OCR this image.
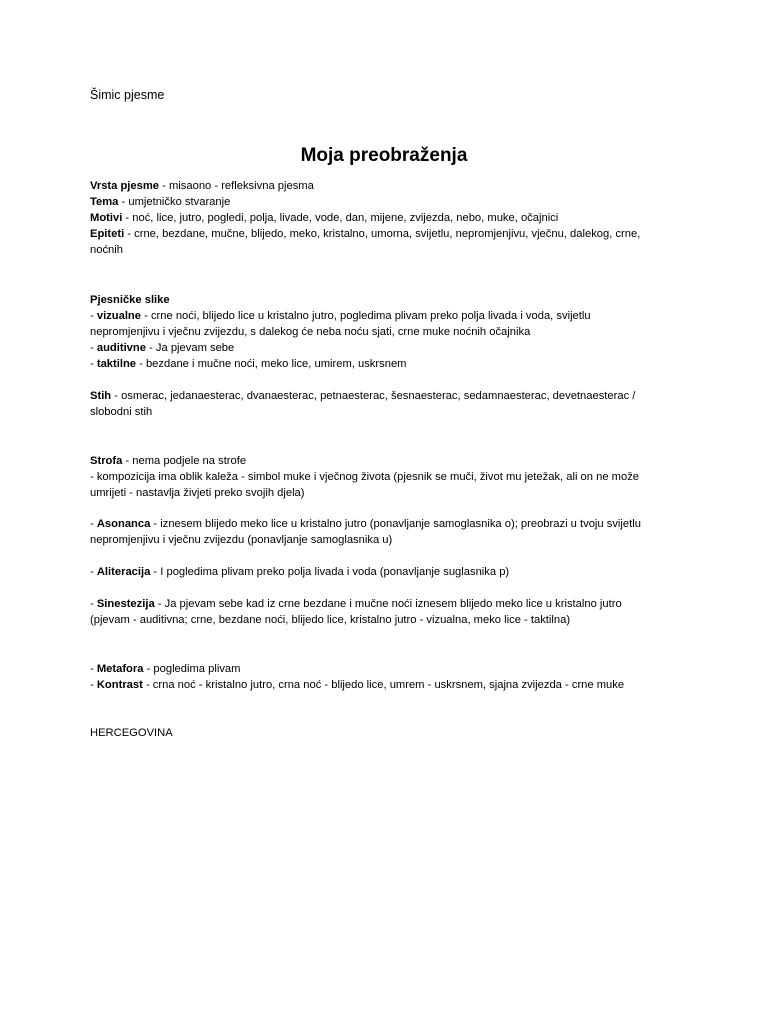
Šimic pjesme
Moja preobraženja
Vrsta pjesme - misaono - refleksivna pjesma
Tema - umjetničko stvaranje
Motivi - noć, lice, jutro, pogledi, polja, livade, vode, dan, mijene, zvijezda, nebo, muke, očajnici
Epiteti - crne, bezdane, mučne, blijedo, meko, kristalno, umorna, svijetlu, nepromjenjivu, vječnu, dalekog, crne,
noćnih
Pjesničke slike
- vizualne - crne noći, blijedo lice u kristalno jutro, pogledima plivam preko polja livada i voda, svijetlu
nepromjenjivu i vječnu zvijezdu, s dalekog će neba noću sjati, crne muke noćnih očajnika
- auditivne - Ja pjevam sebe
- taktilne - bezdane i mučne noći, meko lice, umirem, uskrsnem
Stih - osmerac, jedanaesterac, dvanaesterac, petnaesterac, šesnaesterac, sedamnaesterac, devetnaesterac /
slobodni stih
Strofa - nema podjele na strofe
- kompozicija ima oblik kaleža - simbol muke i vječnog života (pjesnik se muči, život mu jetežak, ali on ne može
umrijeti - nastavlja živjeti preko svojih djela)
- Asonanca - iznesem blijedo meko lice u kristalno jutro (ponavljanje samoglasnika o); preobrazi u tvoju svijetlu
nepromjenjivu i vječnu zvijezdu (ponavljanje samoglasnika u)
- Aliteracija - I pogledima plivam preko polja livada i voda (ponavljanje suglasnika p)
- Sinestezija - Ja pjevam sebe kad iz crne bezdane i mučne noći iznesem blijedo meko lice u kristalno jutro
(pjevam - auditivna; crne, bezdane noći, blijedo lice, kristalno jutro - vizualna, meko lice - taktilna)
- Metafora - pogledima plivam
- Kontrast - crna noć - kristalno jutro, crna noć - blijedo lice, umrem - uskrsnem, sjajna zvijezda - crne muke
HERCEGOVINA
